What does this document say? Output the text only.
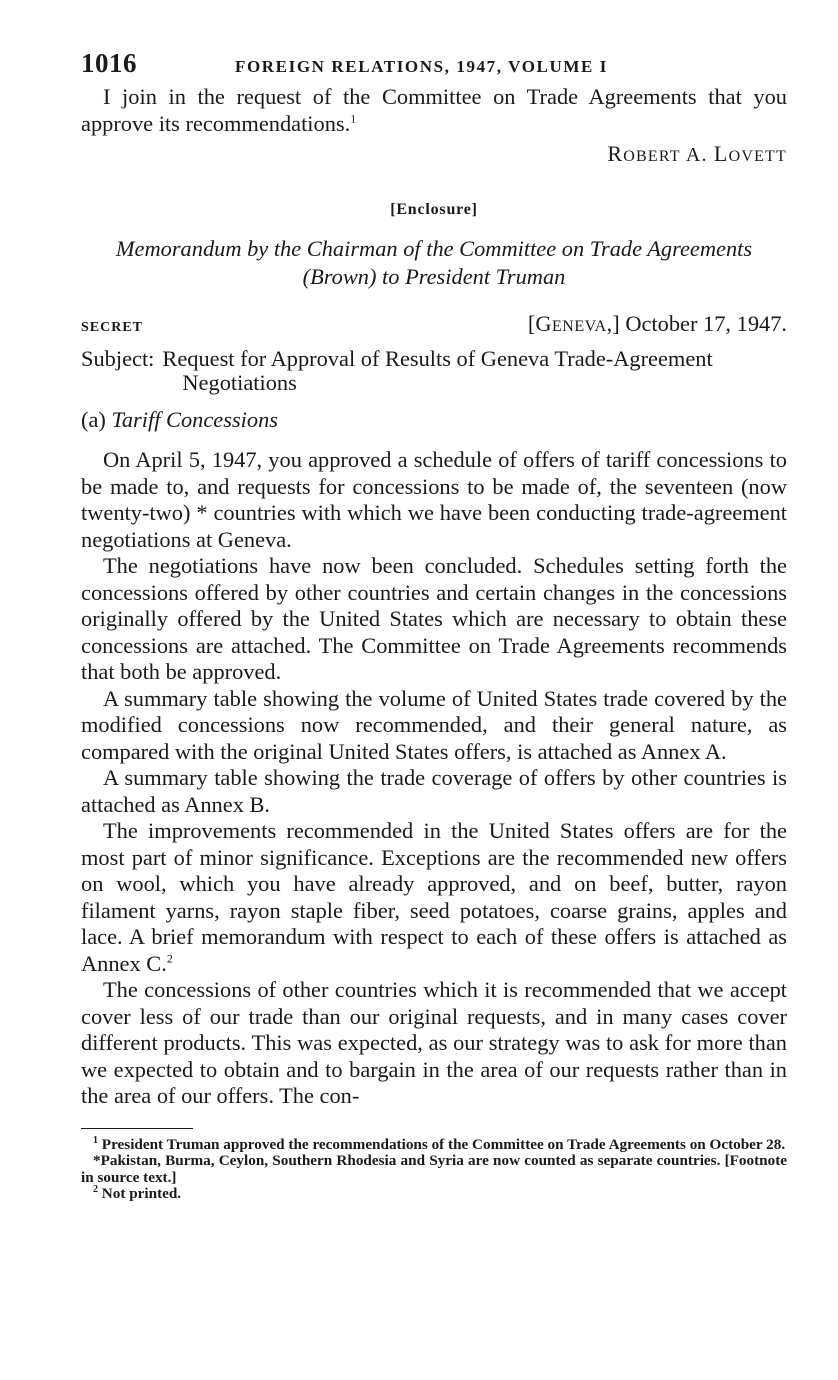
1016	FOREIGN RELATIONS, 1947, VOLUME I

I join in the request of the Committee on Trade Agreements that you approve its recommendations.$^1$

ROBERT A. LOVETT
[Enclosure]
Memorandum by the Chairman of the Committee on Trade Agreements
(Brown) to President Truman
SECRET	[GENEVA,] October 17, 1947.
Subject: Request for Approval of Results of Geneva Trade-Agreement Negotiations
(a) Tariff Concessions

On April 5, 1947, you approved a schedule of offers of tariff concessions to be made to, and requests for concessions to be made of, the seventeen (now twenty-two) * countries with which we have been conducting trade-agreement negotiations at Geneva.

The negotiations have now been concluded. Schedules setting forth the concessions offered by other countries and certain changes in the concessions originally offered by the United States which are necessary to obtain these concessions are attached. The Committee on Trade Agreements recommends that both be approved.

A summary table showing the volume of United States trade covered by the modified concessions now recommended, and their general nature, as compared with the original United States offers, is attached as Annex A.

A summary table showing the trade coverage of offers by other countries is attached as Annex B.

The improvements recommended in the United States offers are for the most part of minor significance. Exceptions are the recommended new offers on wool, which you have already approved, and on beef, butter, rayon filament yarns, rayon staple fiber, seed potatoes, coarse grains, apples and lace. A brief memorandum with respect to each of these offers is attached as Annex C.$^2$

The concessions of other countries which it is recommended that we accept cover less of our trade than our original requests, and in many cases cover different products. This was expected, as our strategy was to ask for more than we expected to obtain and to bargain in the area of our requests rather than in the area of our offers. The con-

$^1$ President Truman approved the recommendations of the Committee on Trade Agreements on October 28.

*Pakistan, Burma, Ceylon, Southern Rhodesia and Syria are now counted as separate countries. [Footnote in source text.]

$^2$ Not printed.
